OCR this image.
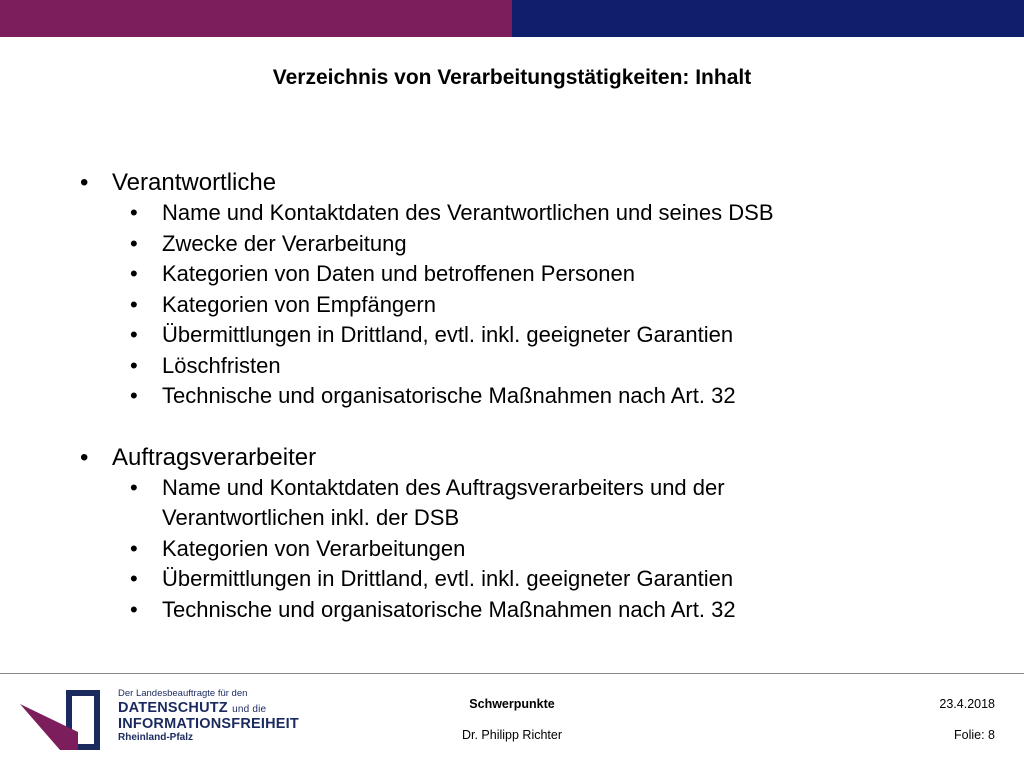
Verzeichnis von Verarbeitungstätigkeiten: Inhalt
• Verantwortliche
• Name und Kontaktdaten des Verantwortlichen und seines DSB
• Zwecke der Verarbeitung
• Kategorien von Daten und betroffenen Personen
• Kategorien von Empfängern
• Übermittlungen in Drittland, evtl. inkl. geeigneter Garantien
• Löschfristen
• Technische und organisatorische Maßnahmen nach Art. 32
• Auftragsverarbeiter
• Name und Kontaktdaten des Auftragsverarbeiters und der Verantwortlichen inkl. der DSB
• Kategorien von Verarbeitungen
• Übermittlungen in Drittland, evtl. inkl. geeigneter Garantien
• Technische und organisatorische Maßnahmen nach Art. 32
Der Landesbeauftragte für den
DATENSCHUTZ und die
INFORMATIONSFREIHEIT
Rheinland-Pfalz
Schwerpunkte
Dr. Philipp Richter
23.4.2018
Folie: 8
